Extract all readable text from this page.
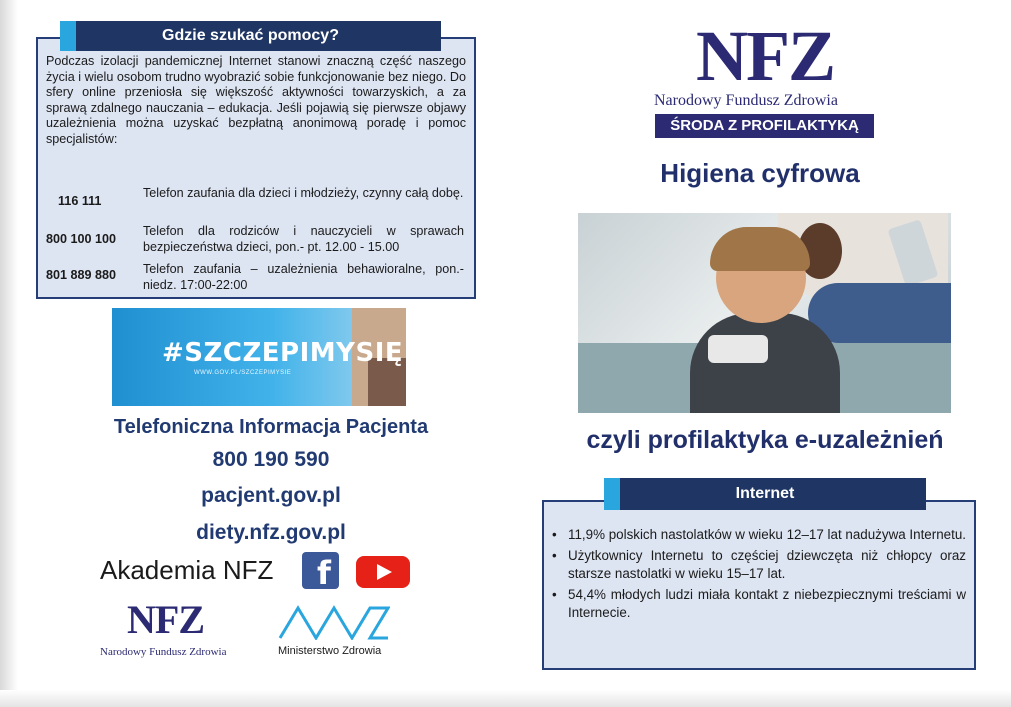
Gdzie szukać pomocy?

Podczas izolacji pandemicznej Internet stanowi znaczną część naszego życia i wielu osobom trudno wyobrazić sobie funkcjonowanie bez niego. Do sfery online przeniosła się większość aktywności towarzyskich, a za sprawą zdalnego nauczania – edukacja. Jeśli pojawią się pierwsze objawy uzależnienia można uzyskać bezpłatną anonimową poradę i pomoc specjalistów:

116 111
Telefon zaufania dla dzieci i młodzieży, czynny całą dobę.
800 100 100
Telefon dla rodziców i nauczycieli w sprawach bezpieczeństwa dzieci, pon.- pt. 12.00 - 15.00
801 889 880	Telefon zaufania – uzależnienia behawioralne, pon.-niedz. 17:00-22:00
#SZCZEPIMYSIĘ
WWW.GOV.PL/SZCZEPIMYSIE
Telefoniczna Informacja Pacjenta
800 190 590
pacjent.gov.pl
diety.nfz.gov.pl
Akademia NFZ f
NFZ
Narodowy Fundusz Zdrowia	Ministerstwo Zdrowia
NFZ
Narodowy Fundusz Zdrowia
ŚRODA Z PROFILAKTYKĄ
Higiena cyfrowa
czyli profilaktyka e-uzależnień
Internet
• 11,9% polskich nastolatków w wieku 12–17 lat nadużywa Internetu.
• Użytkownicy Internetu to częściej dziewczęta niż chłopcy oraz starsze nastolatki w wieku 15–17 lat.
• 54,4% młodych ludzi miała kontakt z niebezpiecznymi treściami w Internecie.
